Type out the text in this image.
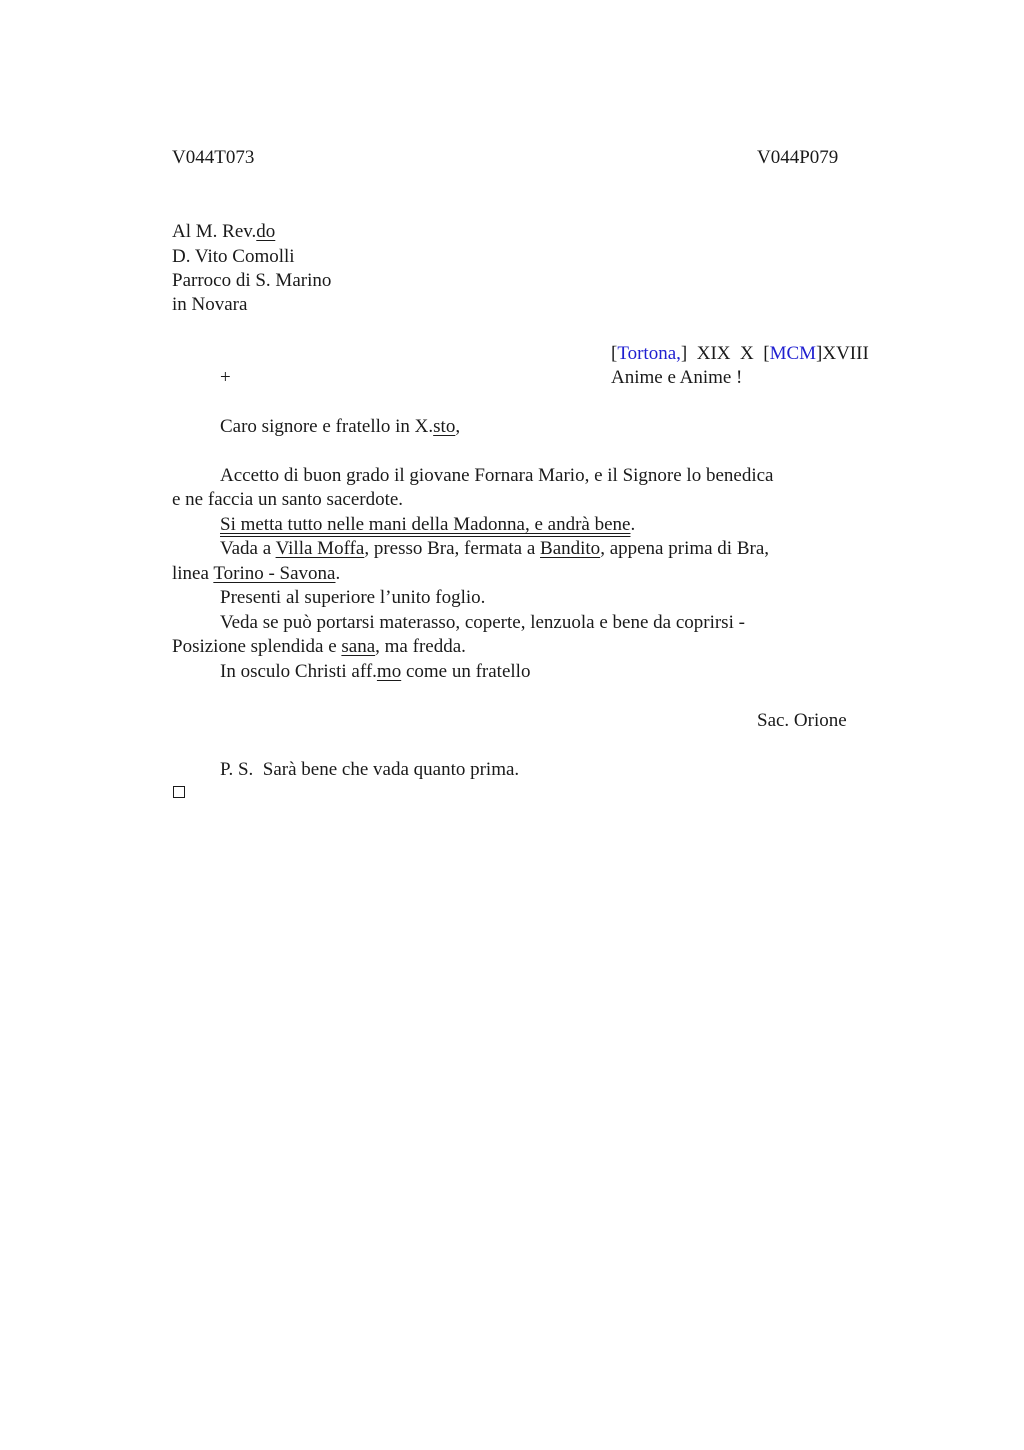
V044T073	V044P079
Al M. Rev.do
D. Vito Comolli
Parroco di S. Marino
in Novara
[Tortona,]  XIX  X  [MCM]XVIII
+	Anime e Anime !
Caro signore e fratello in X.sto,
Accetto di buon grado il giovane Fornara Mario, e il Signore lo benedica
e ne faccia un santo sacerdote.
Si metta tutto nelle mani della Madonna, e andrà bene.
Vada a Villa Moffa, presso Bra, fermata a Bandito, appena prima di Bra,
linea Torino - Savona.
Presenti al superiore l’unito foglio.
Veda se può portarsi materasso, coperte, lenzuola e bene da coprirsi -
Posizione splendida e sana, ma fredda.
In osculo Christi aff.mo come un fratello
Sac. Orione
P. S.  Sarà bene che vada quanto prima.
